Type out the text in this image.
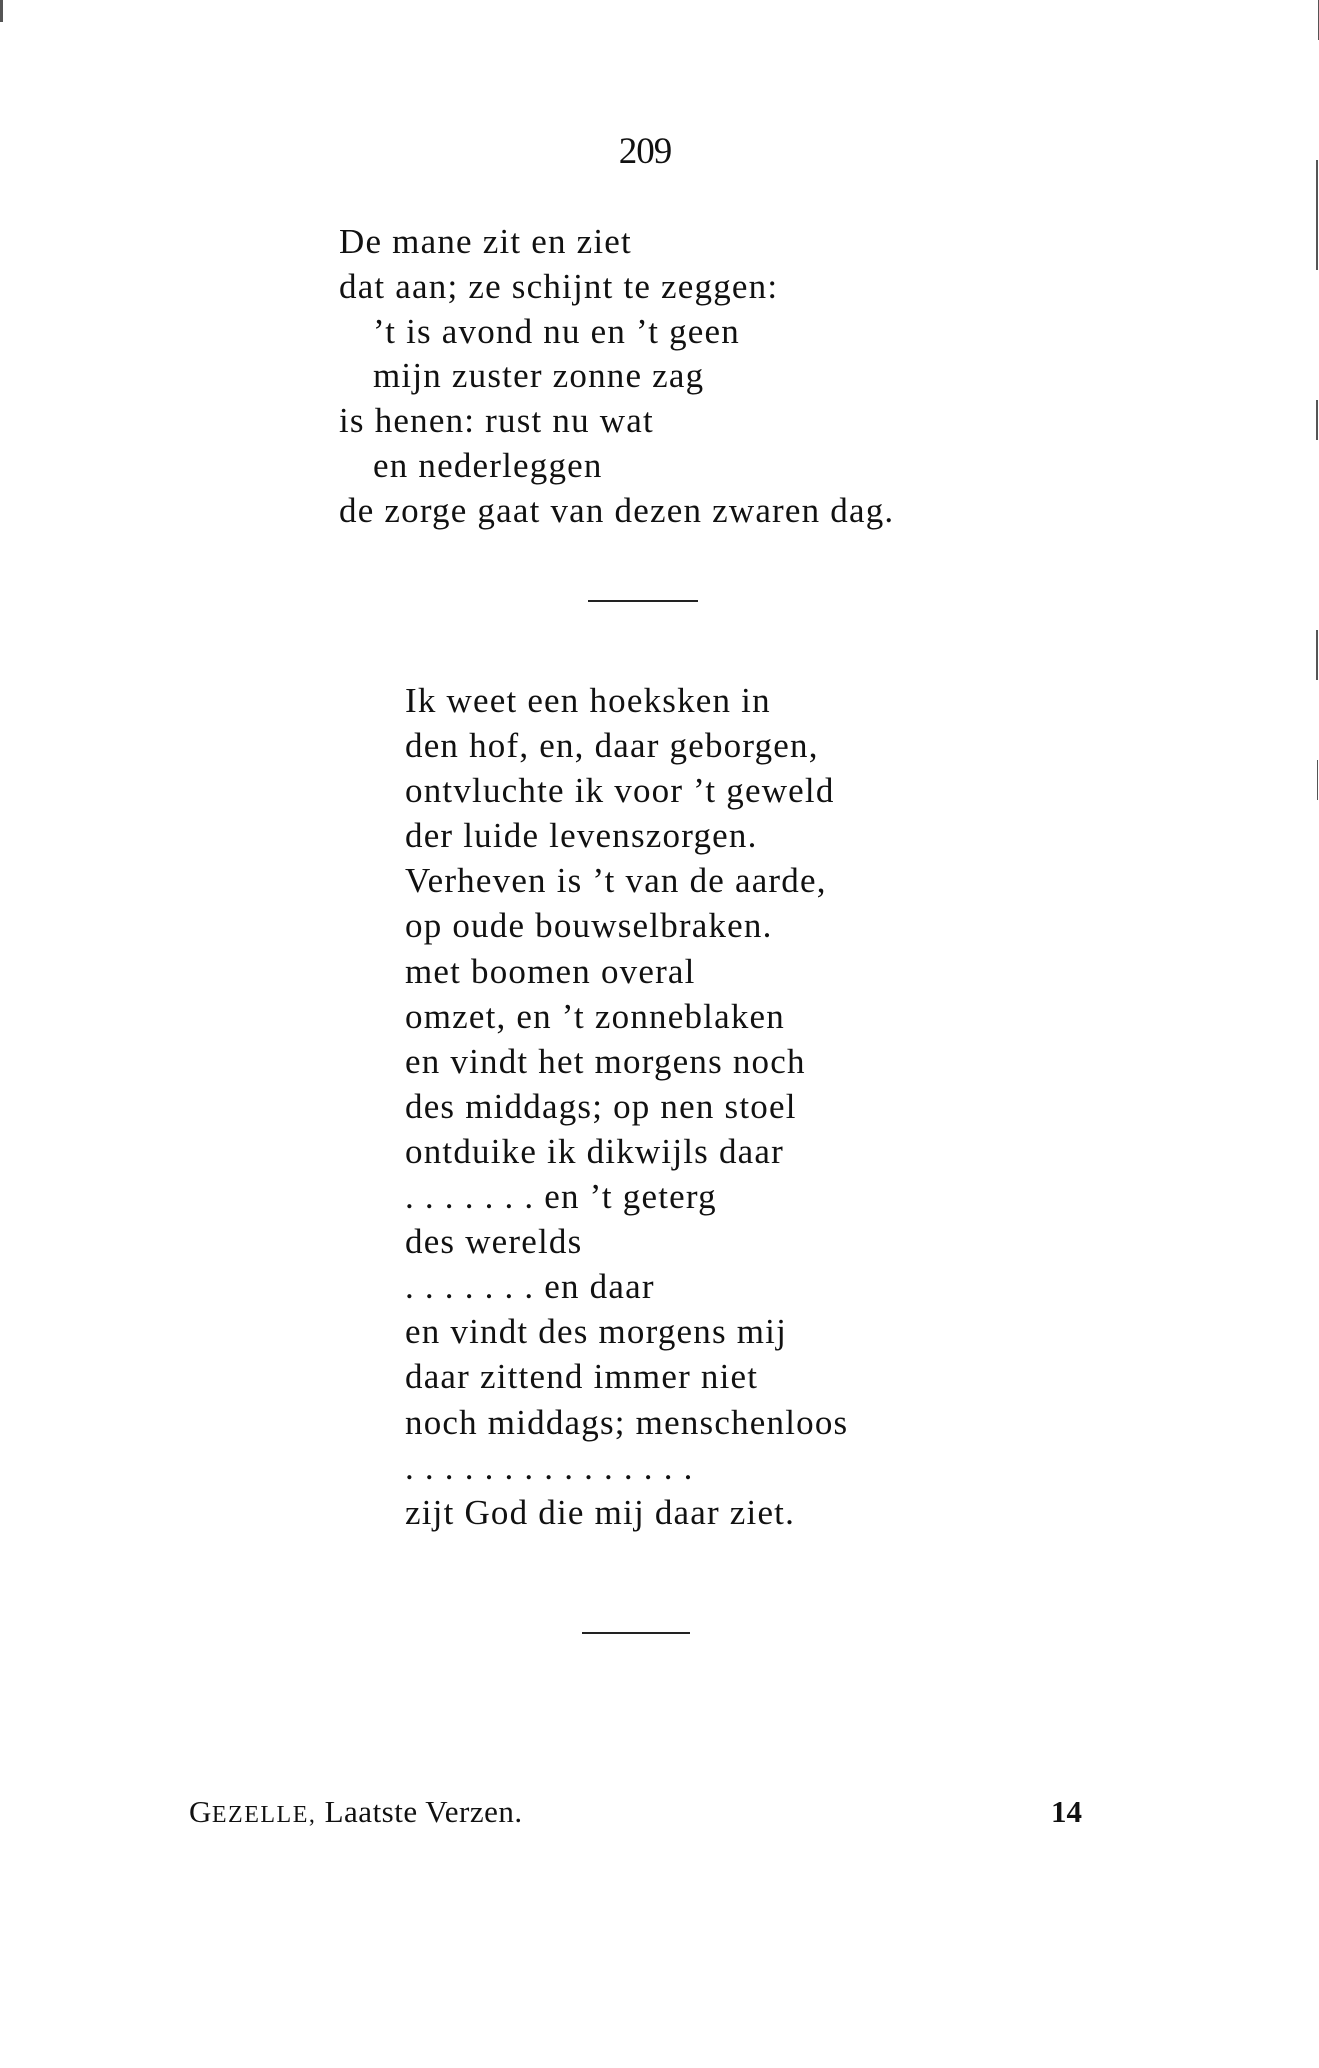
209
De mane zit en ziet
dat aan; ze schijnt te zeggen:
’t is avond nu en ’t geen
mijn zuster zonne zag
is henen: rust nu wat
en nederleggen
de zorge gaat van dezen zwaren dag.
Ik weet een hoeksken in
den hof, en, daar geborgen,
ontvluchte ik voor ’t geweld
der luide levenszorgen.
Verheven is ’t van de aarde,
op oude bouwselbraken.
met boomen overal
omzet, en ’t zonneblaken
en vindt het morgens noch
des middags; op nen stoel
ontduike ik dikwijls daar
. . . . . . . en ’t geterg
des werelds
. . . . . . . en daar
en vindt des morgens mij
daar zittend immer niet
noch middags; menschenloos
. . . . . . . . . . . . . . .
zijt God die mij daar ziet.
GEZELLE, Laatste Verzen.	14
